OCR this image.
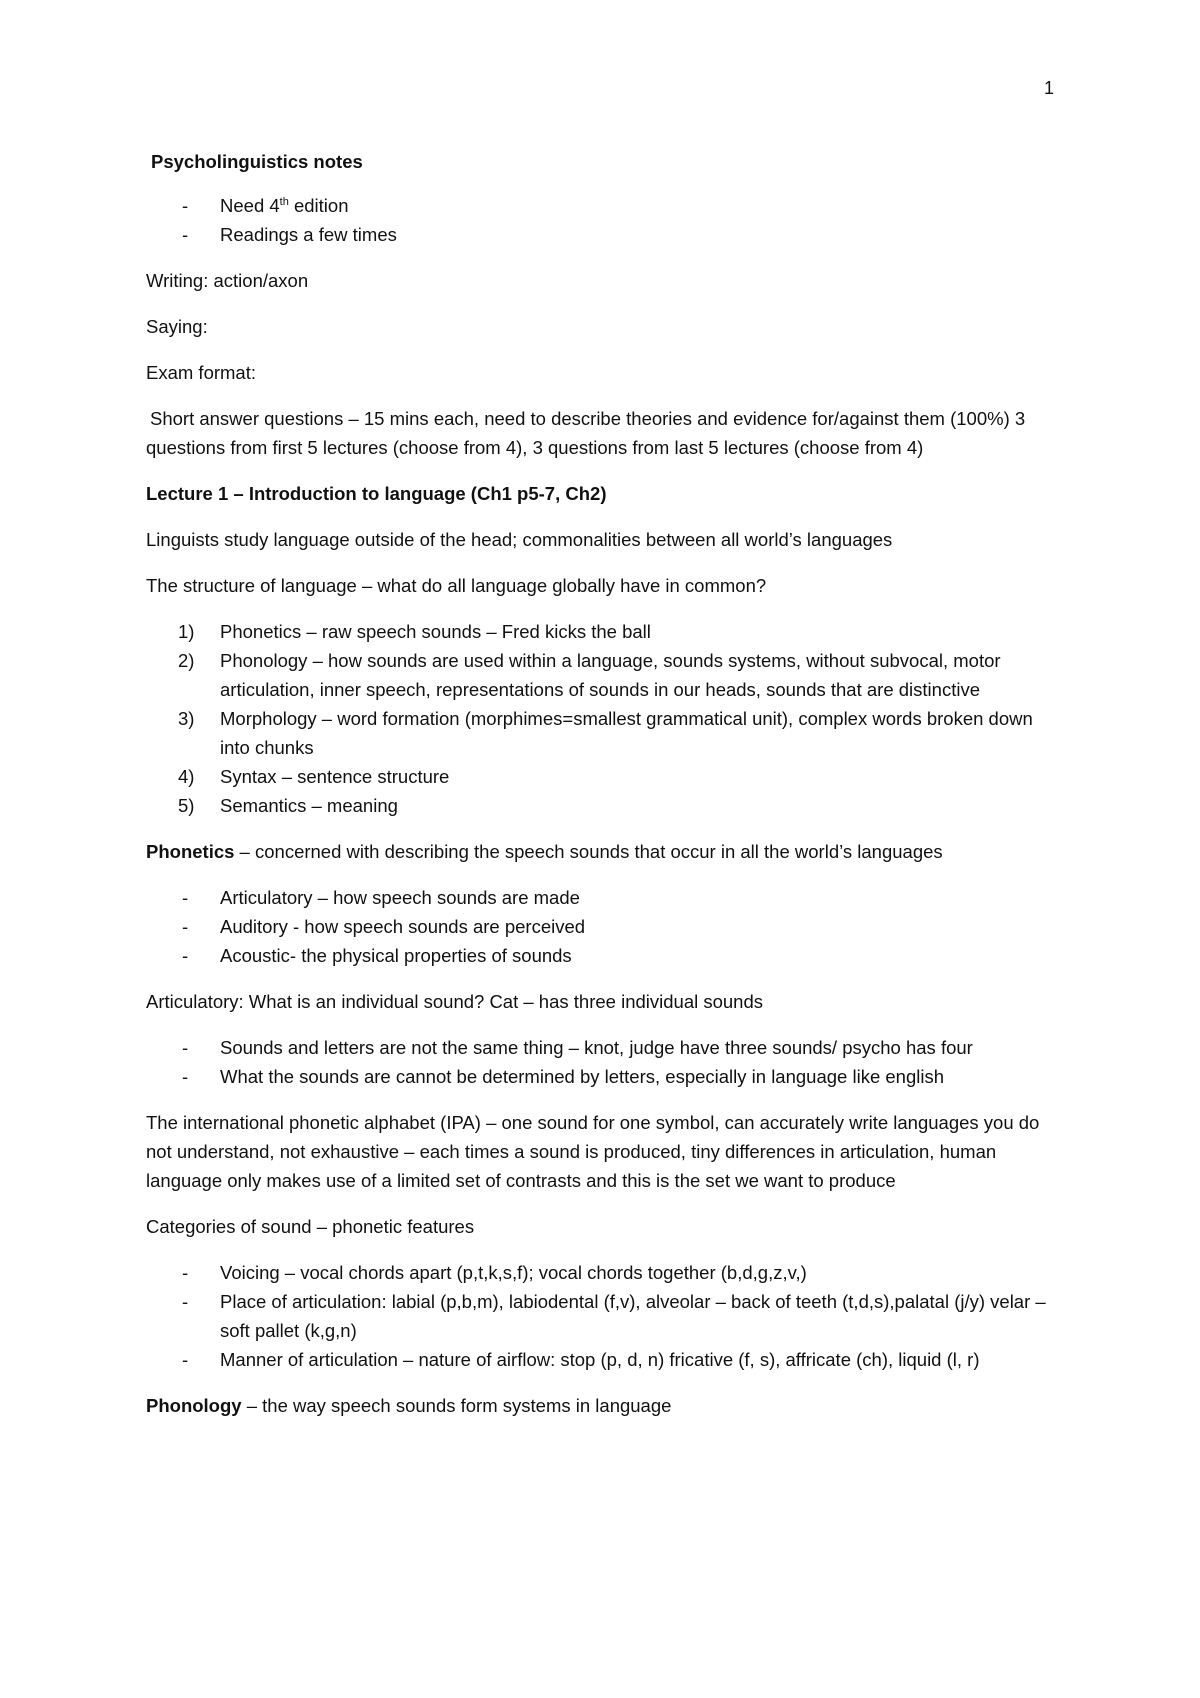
1

Psycholinguistics notes

- Need 4th edition
- Readings a few times

Writing: action/axon

Saying:

Exam format:

Short answer questions – 15 mins each, need to describe theories and evidence for/against them (100%) 3 questions from first 5 lectures (choose from 4), 3 questions from last 5 lectures (choose from 4)

Lecture 1 – Introduction to language (Ch1 p5-7, Ch2)

Linguists study language outside of the head; commonalities between all world’s languages

The structure of language – what do all language globally have in common?

1) Phonetics – raw speech sounds – Fred kicks the ball
2) Phonology – how sounds are used within a language, sounds systems, without subvocal, motor articulation, inner speech, representations of sounds in our heads, sounds that are distinctive
3) Morphology – word formation (morphimes=smallest grammatical unit), complex words broken down into chunks
4) Syntax – sentence structure
5) Semantics – meaning

Phonetics – concerned with describing the speech sounds that occur in all the world’s languages

- Articulatory – how speech sounds are made
- Auditory - how speech sounds are perceived
- Acoustic- the physical properties of sounds

Articulatory: What is an individual sound? Cat – has three individual sounds

- Sounds and letters are not the same thing – knot, judge have three sounds/ psycho has four
- What the sounds are cannot be determined by letters, especially in language like english

The international phonetic alphabet (IPA) – one sound for one symbol, can accurately write languages you do not understand, not exhaustive – each times a sound is produced, tiny differences in articulation, human language only makes use of a limited set of contrasts and this is the set we want to produce

Categories of sound – phonetic features

- Voicing – vocal chords apart (p,t,k,s,f); vocal chords together (b,d,g,z,v,)
- Place of articulation: labial (p,b,m), labiodental (f,v), alveolar – back of teeth (t,d,s),palatal (j/y) velar – soft pallet (k,g,n)
- Manner of articulation – nature of airflow: stop (p, d, n) fricative (f, s), affricate (ch), liquid (l, r)

Phonology – the way speech sounds form systems in language
